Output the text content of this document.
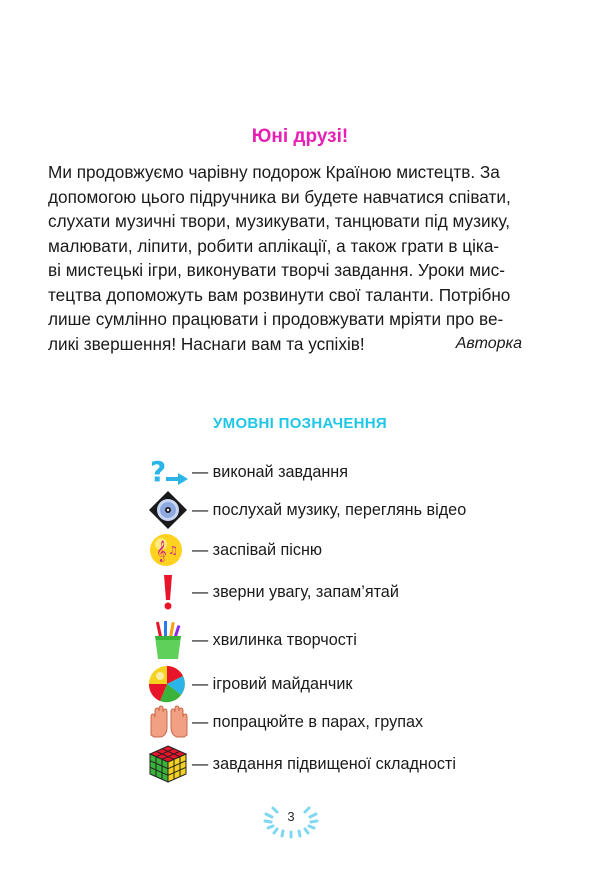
Юні друзі!
Ми продовжуємо чарівну подорож Країною мистецтв. За
допомогою цього підручника ви будете навчатися співати,
слухати музичні твори, музикувати, танцювати під музику,
малювати, ліпити, робити аплікації, а також грати в ціка-
ві мистецькі ігри, виконувати творчі завдання. Уроки мис-
тецтва допоможуть вам розвинути свої таланти. Потрібно
лише сумлінно працювати і продовжувати мріяти про ве-
ликі звершення! Наснаги вам та успіхів!	Авторка
УМОВНІ ПОЗНАЧЕННЯ
? — виконай завдання
— послухай музику, переглянь відео
𝄞 ♫ — заспівай пісню
— зверни увагу, запам’ятай
— хвилинка творчості
— ігровий майданчик
— попрацюйте в парах, групах
— завдання підвищеної складності
3
